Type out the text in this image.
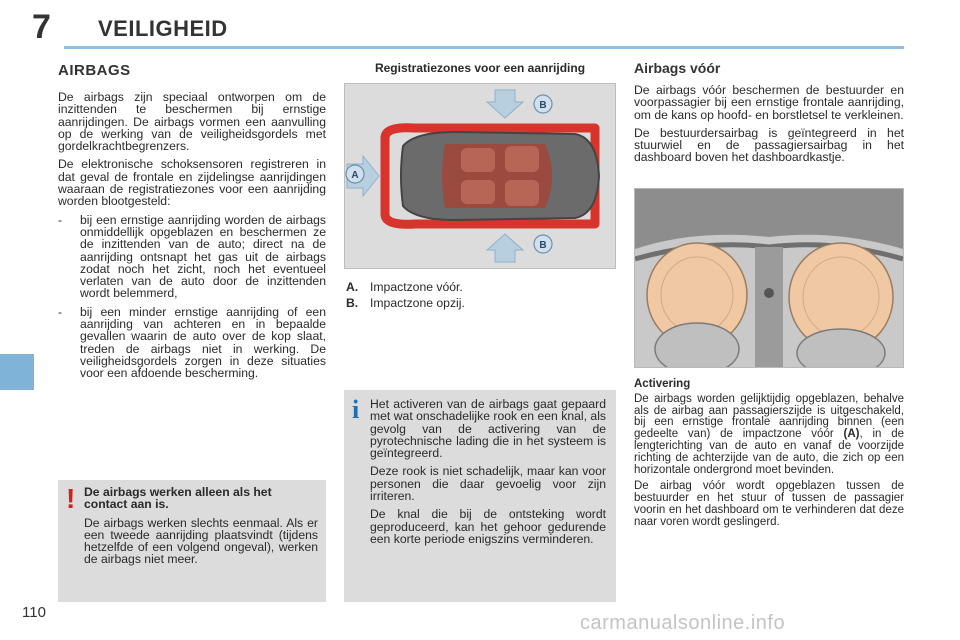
7 VEILIGHEID
AIRBAGS

De airbags zijn speciaal ontworpen om de inzittenden te beschermen bij ernstige aanrijdingen. De airbags vormen een aanvulling op de werking van de veiligheidsgordels met gordelkrachtbegrenzers.

De elektronische schoksensoren registreren in dat geval de frontale en zijdelingse aanrijdingen waaraan de registratiezones voor een aanrijding worden blootgesteld:

-	bij een ernstige aanrijding worden de airbags onmiddellijk opgeblazen en beschermen ze de inzittenden van de auto; direct na de aanrijding ontsnapt het gas uit de airbags zodat noch het zicht, noch het eventueel verlaten van de auto door de inzittenden wordt belemmerd,
-	bij een minder ernstige aanrijding of een aanrijding van achteren en in bepaalde gevallen waarin de auto over de kop slaat, treden de airbags niet in werking. De veiligheidsgordels zorgen in deze situaties voor een afdoende bescherming.
! De airbags werken alleen als het contact aan is.

De airbags werken slechts eenmaal. Als er een tweede aanrijding plaatsvindt (tijdens hetzelfde of een volgend ongeval), werken de airbags niet meer.

Registratiezones voor een aanrijding
B
B
A
A. Impactzone vóór.
B. Impactzone opzij.
i Het activeren van de airbags gaat gepaard met wat onschadelijke rook en een knal, als gevolg van de activering van de pyrotechnische lading die in het systeem is geïntegreerd.

Deze rook is niet schadelijk, maar kan voor personen die daar gevoelig voor zijn irriteren.

De knal die bij de ontsteking wordt geproduceerd, kan het gehoor gedurende een korte periode enigszins verminderen.

Airbags vóór

De airbags vóór beschermen de bestuurder en voorpassagier bij een ernstige frontale aanrijding, om de kans op hoofd- en borstletsel te verkleinen.

De bestuurdersairbag is geïntegreerd in het stuurwiel en de passagiersairbag in het dashboard boven het dashboardkastje.

Activering

De airbags worden gelijktijdig opgeblazen, behalve als de airbag aan passagierszijde is uitgeschakeld, bij een ernstige frontale aanrijding binnen (een gedeelte van) de impactzone vóór (A), in de lengterichting van de auto en vanaf de voorzijde richting de achterzijde van de auto, die zich op een horizontale ondergrond moet bevinden.

De airbag vóór wordt opgeblazen tussen de bestuurder en het stuur of tussen de passagier voorin en het dashboard om te verhinderen dat deze naar voren wordt geslingerd.

110	carmanualsonline.info
